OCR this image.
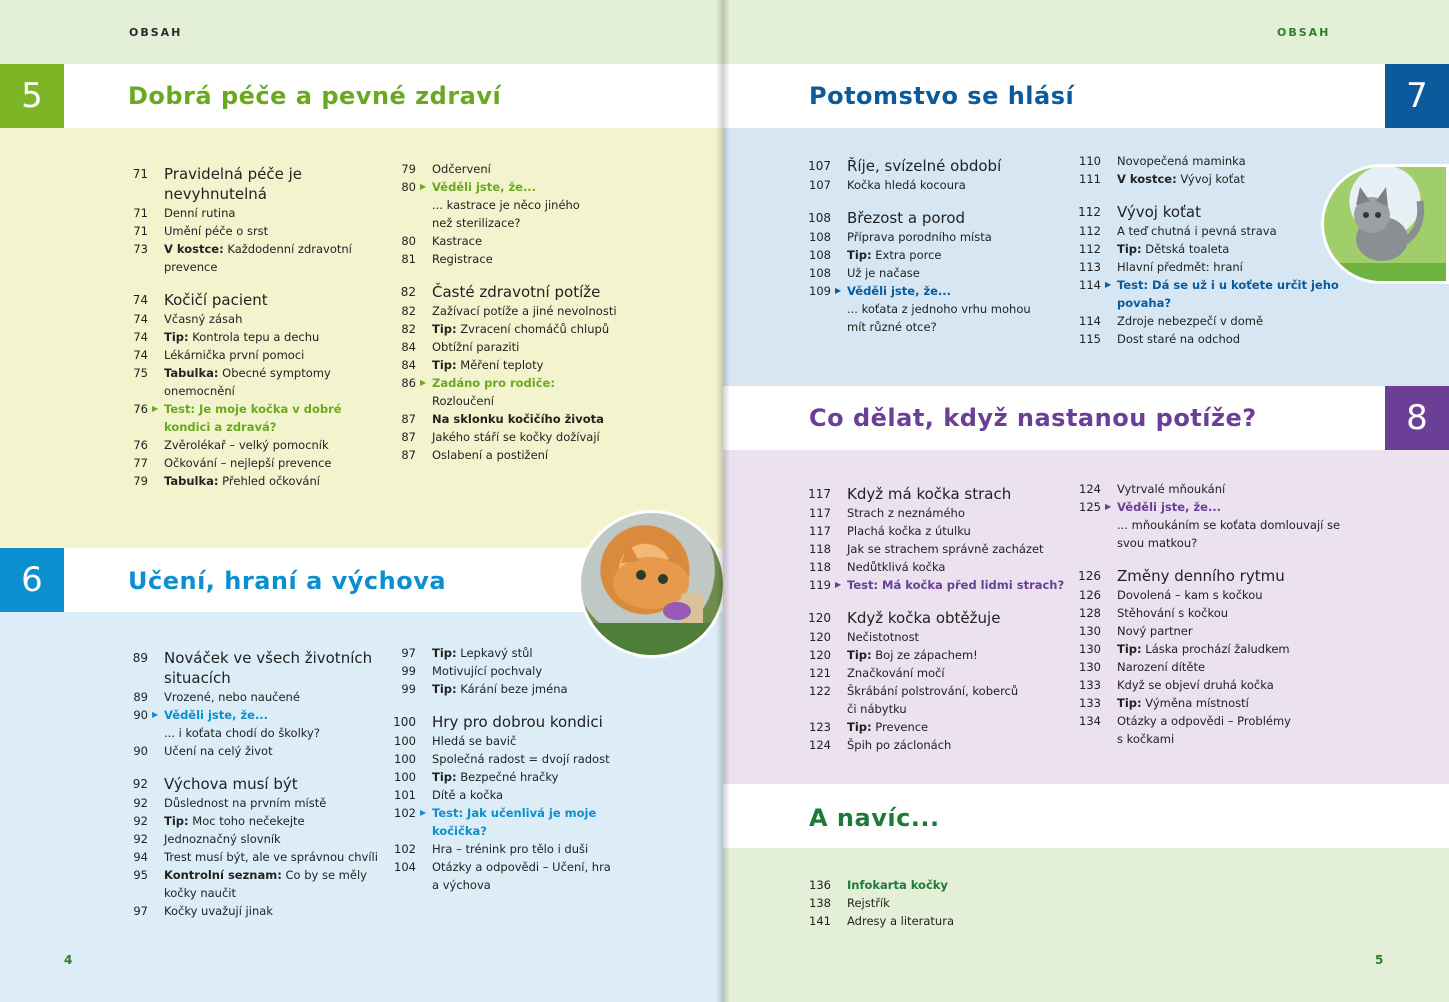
OBSAH
5	Dobrá péče a pevné zdraví
71 Pravidelná péče je
nevyhnutelná
71 Denní rutina
71 Umění péče o srst
73 V kostce: Každodenní zdravotní
prevence
74 Kočičí pacient
74 Včasný zásah
74 Tip: Kontrola tepu a dechu
74 Lékárnička první pomoci
75 Tabulka: Obecné symptomy
onemocnění
76 ▶ Test: Je moje kočka v dobré
kondici a zdravá?
76 Zvěrolékař – velký pomocník
77 Očkování – nejlepší prevence
79 Tabulka: Přehled očkování
79 Odčervení
80 ▶ Věděli jste, že...
... kastrace je něco jiného
než sterilizace?
80 Kastrace
81 Registrace
82 Časté zdravotní potíže
82 Zažívací potíže a jiné nevolnosti
82 Tip: Zvracení chomáčů chlupů
84 Obtížní paraziti
84 Tip: Měření teploty
86 ▶ Zadáno pro rodiče:
Rozloučení
87 Na sklonku kočičího života
87 Jakého stáří se kočky dožívají
87 Oslabení a postižení
6	Učení, hraní a výchova
89 Nováček ve všech životních
situacích
89 Vrozené, nebo naučené
90 ▶ Věděli jste, že...
... i koťata chodí do školky?
90 Učení na celý život
92 Výchova musí být
92 Důslednost na prvním místě
92 Tip: Moc toho nečekejte
92 Jednoznačný slovník
94 Trest musí být, ale ve správnou chvíli
95 Kontrolní seznam: Co by se měly
kočky naučit
97 Kočky uvažují jinak
97 Tip: Lepkavý stůl
99 Motivující pochvaly
99 Tip: Kárání beze jména
100 Hry pro dobrou kondici
100 Hledá se bavič
100 Společná radost = dvojí radost
100 Tip: Bezpečné hračky
101 Dítě a kočka
102 ▶ Test: Jak učenlivá je moje
kočička?
102 Hra – trénink pro tělo i duši
104 Otázky a odpovědi – Učení, hra
a výchova
4
OBSAH
7
Potomstvo se hlásí
107 Říje, svízelné období
107 Kočka hledá kocoura
108 Březost a porod
108 Příprava porodního místa
108 Tip: Extra porce
108 Už je načase
109 ▶ Věděli jste, že...
... koťata z jednoho vrhu mohou
mít různé otce?
110 Novopečená maminka
111 V kostce: Vývoj koťat
112 Vývoj koťat
112 A teď chutná i pevná strava
112 Tip: Dětská toaleta
113 Hlavní předmět: hraní
114 ▶ Test: Dá se už i u koťete určit jeho
povaha?
114 Zdroje nebezpečí v domě
115 Dost staré na odchod
8
Co dělat, když nastanou potíže?
117 Když má kočka strach
117 Strach z neznámého
117 Plachá kočka z útulku
118 Jak se strachem správně zacházet
118 Nedůtklivá kočka
119 ▶ Test: Má kočka před lidmi strach?
120 Když kočka obtěžuje
120 Nečistotnost
120 Tip: Boj ze zápachem!
121 Značkování močí
122 Škrábání polstrování, koberců
či nábytku
123 Tip: Prevence
124 Špih po záclonách
124 Vytrvalé mňoukání
125 ▶ Věděli jste, že...
... mňoukáním se koťata domlouvají se
svou matkou?
126 Změny denního rytmu
126 Dovolená – kam s kočkou
128 Stěhování s kočkou
130 Nový partner
130 Tip: Láska prochází žaludkem
130 Narození dítěte
133 Když se objeví druhá kočka
133 Tip: Výměna místností
134 Otázky a odpovědi – Problémy
s kočkami
A navíc...
136 Infokarta kočky
138 Rejstřík
141 Adresy a literatura
5
